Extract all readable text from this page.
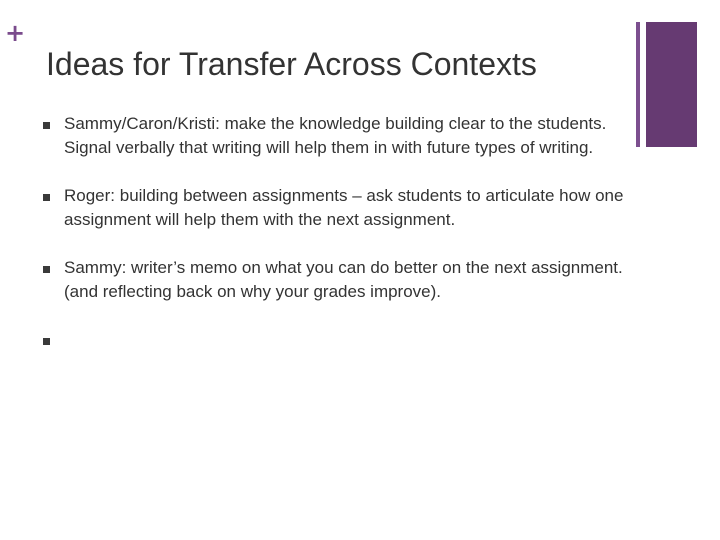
+
Ideas for Transfer Across Contexts
Sammy/Caron/Kristi: make the knowledge building clear to the students. Signal verbally that writing will help them in with future types of writing.
Roger: building between assignments – ask students to articulate how one assignment will help them with the next assignment.
Sammy: writer’s memo on what you can do better on the next assignment. (and reflecting back on why your grades improve).
